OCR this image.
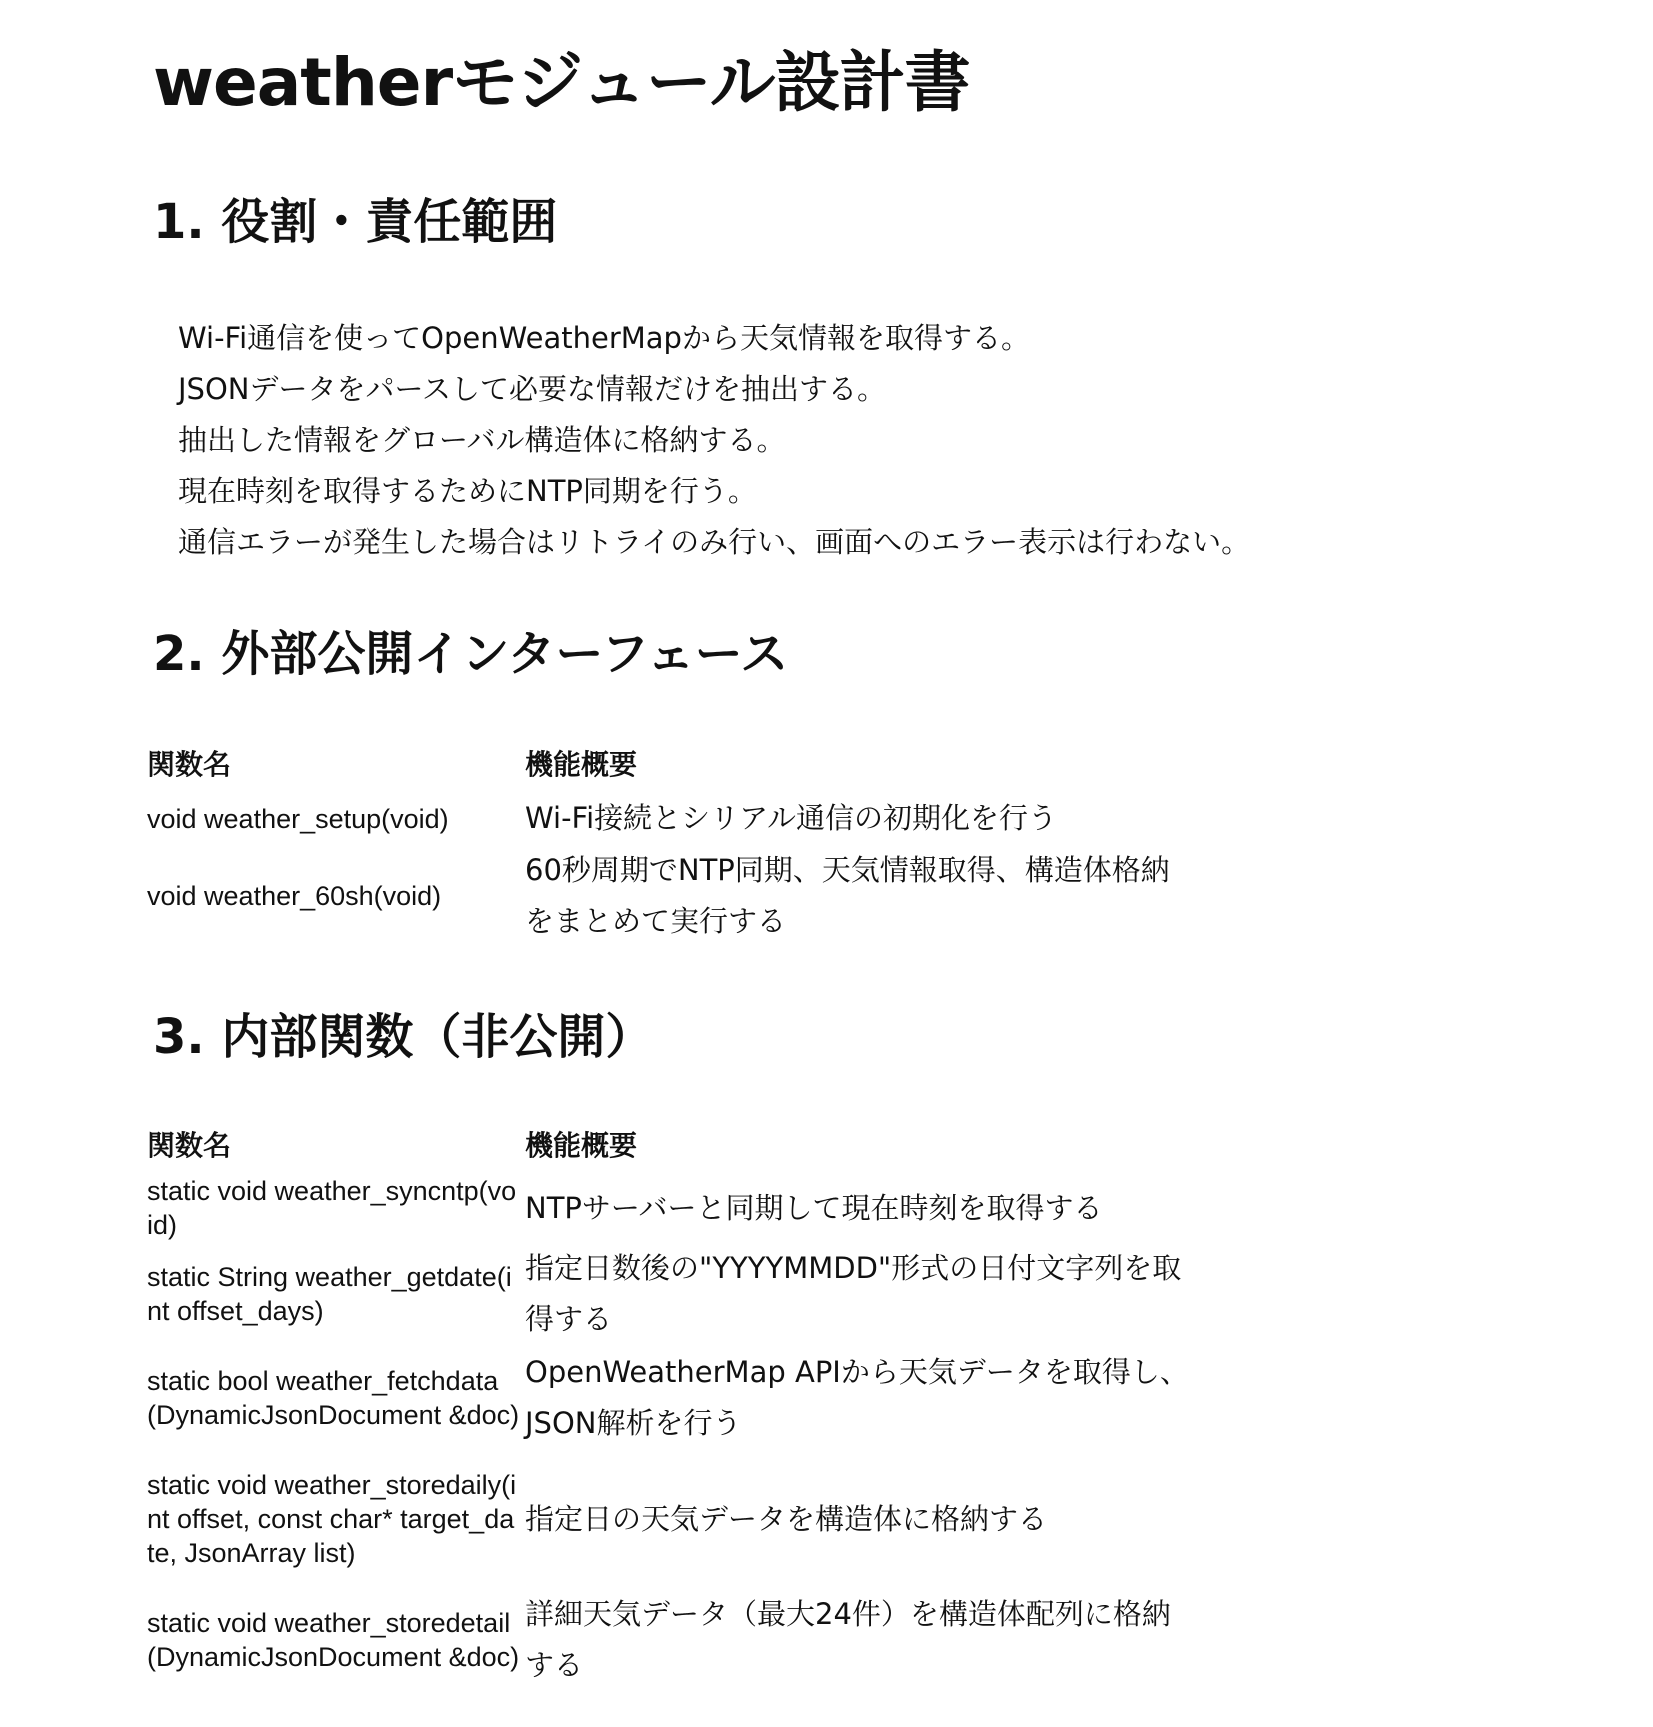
weatherモジュール設計書
1. 役割・責任範囲
Wi-Fi通信を使ってOpenWeatherMapから天気情報を取得する。
JSONデータをパースして必要な情報だけを抽出する。
抽出した情報をグローバル構造体に格納する。
現在時刻を取得するためにNTP同期を行う。
通信エラーが発生した場合はリトライのみ行い、画面へのエラー表示は行わない。
2. 外部公開インターフェース
関数名	機能概要
void weather_setup(void)	Wi-Fi接続とシリアル通信の初期化を行う
void weather_60sh(void)	60秒周期でNTP同期、天気情報取得、構造体格納をまとめて実行する
3. 内部関数（非公開）
関数名	機能概要
static void weather_syncntp(void)	NTPサーバーと同期して現在時刻を取得する
static String weather_getdate(int offset_days)	指定日数後の"YYYYMMDD"形式の日付文字列を取得する
static bool weather_fetchdata(DynamicJsonDocument &doc)	OpenWeatherMap APIから天気データを取得し、JSON解析を行う
static void weather_storedaily(int offset, const char* target_date, JsonArray list)	指定日の天気データを構造体に格納する
static void weather_storedetail(DynamicJsonDocument &doc)	詳細天気データ（最大24件）を構造体配列に格納する
